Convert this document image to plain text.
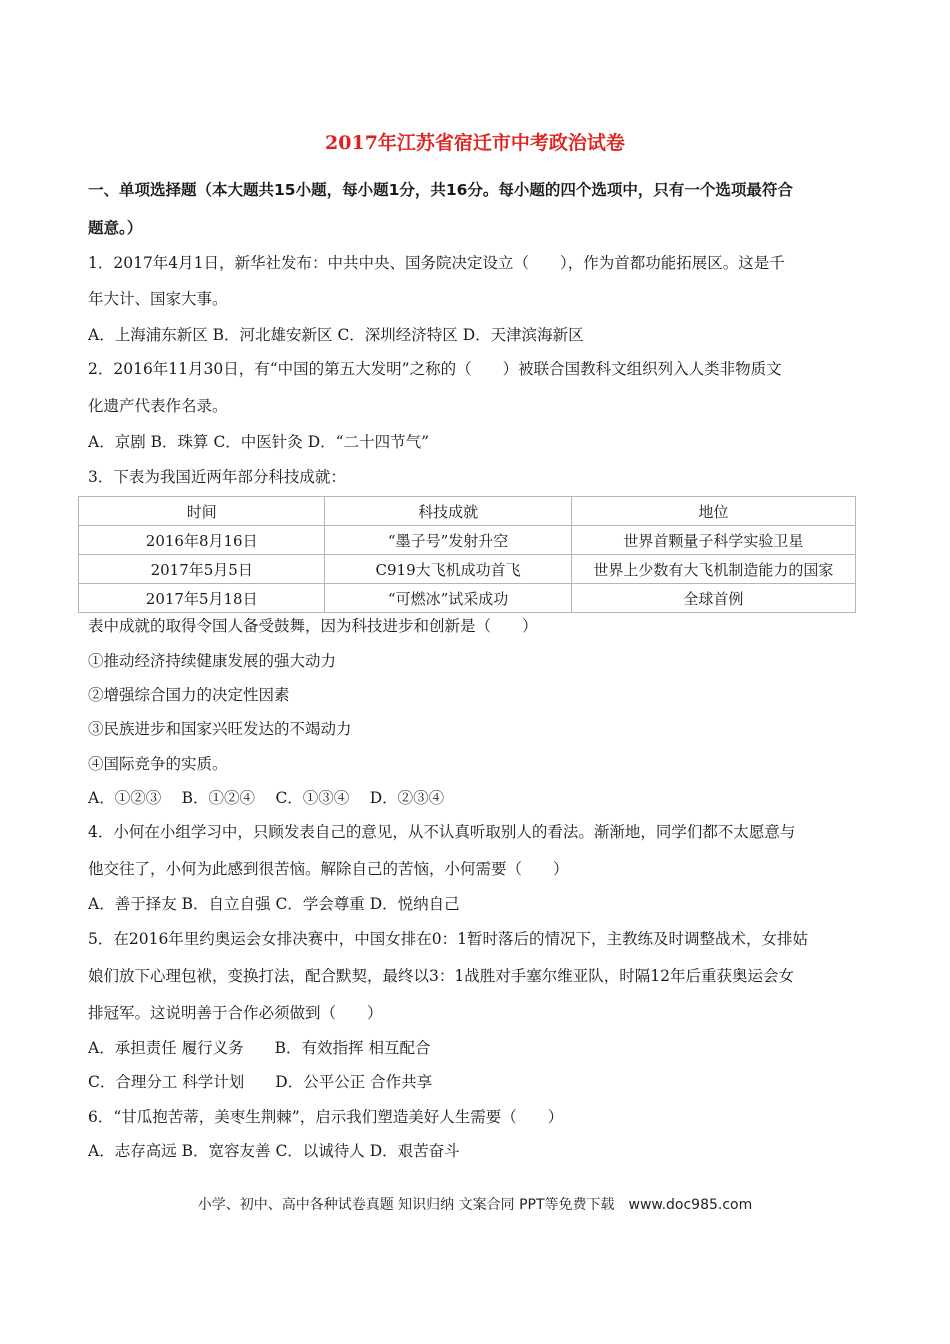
2017年江苏省宿迁市中考政治试卷
一、单项选择题（本大题共15小题，每小题1分，共16分。每小题的四个选项中，只有一个选项最符合
题意。）
1．2017年4月1日，新华社发布：中共中央、国务院决定设立（　　），作为首都功能拓展区。这是千
年大计、国家大事。
A．上海浦东新区 B．河北雄安新区 C．深圳经济特区 D．天津滨海新区
2．2016年11月30日，有“中国的第五大发明”之称的（　　）被联合国教科文组织列入人类非物质文
化遗产代表作名录。
A．京剧 B．珠算 C．中医针灸 D．“二十四节气”
3．下表为我国近两年部分科技成就：
时间	科技成就	地位
2016年8月16日	“墨子号”发射升空	世界首颗量子科学实验卫星
2017年5月5日	C919大飞机成功首飞	世界上少数有大飞机制造能力的国家
2017年5月18日	“可燃冰”试采成功	全球首例
表中成就的取得令国人备受鼓舞，因为科技进步和创新是（　　）
①推动经济持续健康发展的强大动力
②增强综合国力的决定性因素
③民族进步和国家兴旺发达的不竭动力
④国际竞争的实质。
A．①②③　 B．①②④　 C．①③④　 D．②③④
4．小何在小组学习中，只顾发表自己的意见，从不认真听取别人的看法。渐渐地，同学们都不太愿意与
他交往了，小何为此感到很苦恼。解除自己的苦恼，小何需要（　　）
A．善于择友 B．自立自强 C．学会尊重 D．悦纳自己
5．在2016年里约奥运会女排决赛中，中国女排在0：1暂时落后的情况下，主教练及时调整战术，女排姑
娘们放下心理包袱，变换打法，配合默契，最终以3：1战胜对手塞尔维亚队，时隔12年后重获奥运会女
排冠军。这说明善于合作必须做到（　　）
A．承担责任 履行义务　　B．有效指挥 相互配合
C．合理分工 科学计划　　D．公平公正 合作共享
6．“甘瓜抱苦蒂，美枣生荆棘”，启示我们塑造美好人生需要（　　）
A．志存高远 B．宽容友善 C．以诚待人 D．艰苦奋斗
小学、初中、高中各种试卷真题 知识归纳 文案合同 PPT等免费下载　www.doc985.com
